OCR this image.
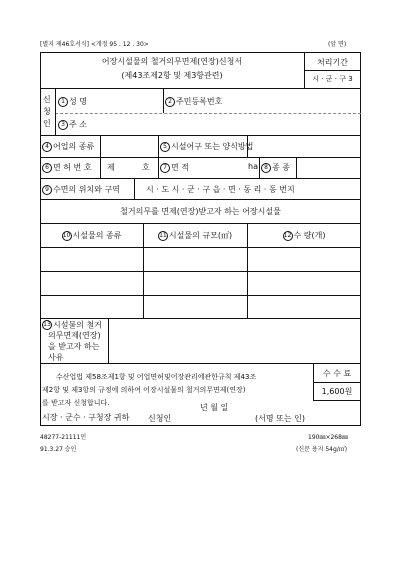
[별지 제46호서식] <개정 95 . 12 . 30>	(앞 면)
어장시설물의 철거의무면제(연장)신청서
(제43조제2항 및 제3항관련)
처리기간
시 · 군 · 구 3
신
청
인
1 성 명	2 주민등록번호
3 주 소
4 어업의 종류	5 시설어구 또는 양식방법
6 면 허 번 호 제	호	7 면 적	ha	8 종 종
9 수면의 위치와 구역	시 · 도 시 · 군 · 구 읍 · 면 · 동 리 · 동 번지
철거의무를 면제(연장)받고자 하는 어장시설물
10 시설물의 종류	11 시설물의 규모(㎡)	12 수 량(개)
13 시설물의 철거
의무면제(연장)
을 받고자 하는
사유
수산업법 제58조제1항 및 어업면허및어장관리에관한규칙 제43조
제2항 및 제3항의 규정에 의하여 어장시설물의 철거의무면제(연장)
를 받고자 신청합니다.	년 월 일
신청인	(서명 또는 인)
시장 · 군수 · 구청장 귀하
수 수 료
1,600원
48277-21111민	190㎜×268㎜
91.3.27 승인	(신문 용지 54g/㎡)
